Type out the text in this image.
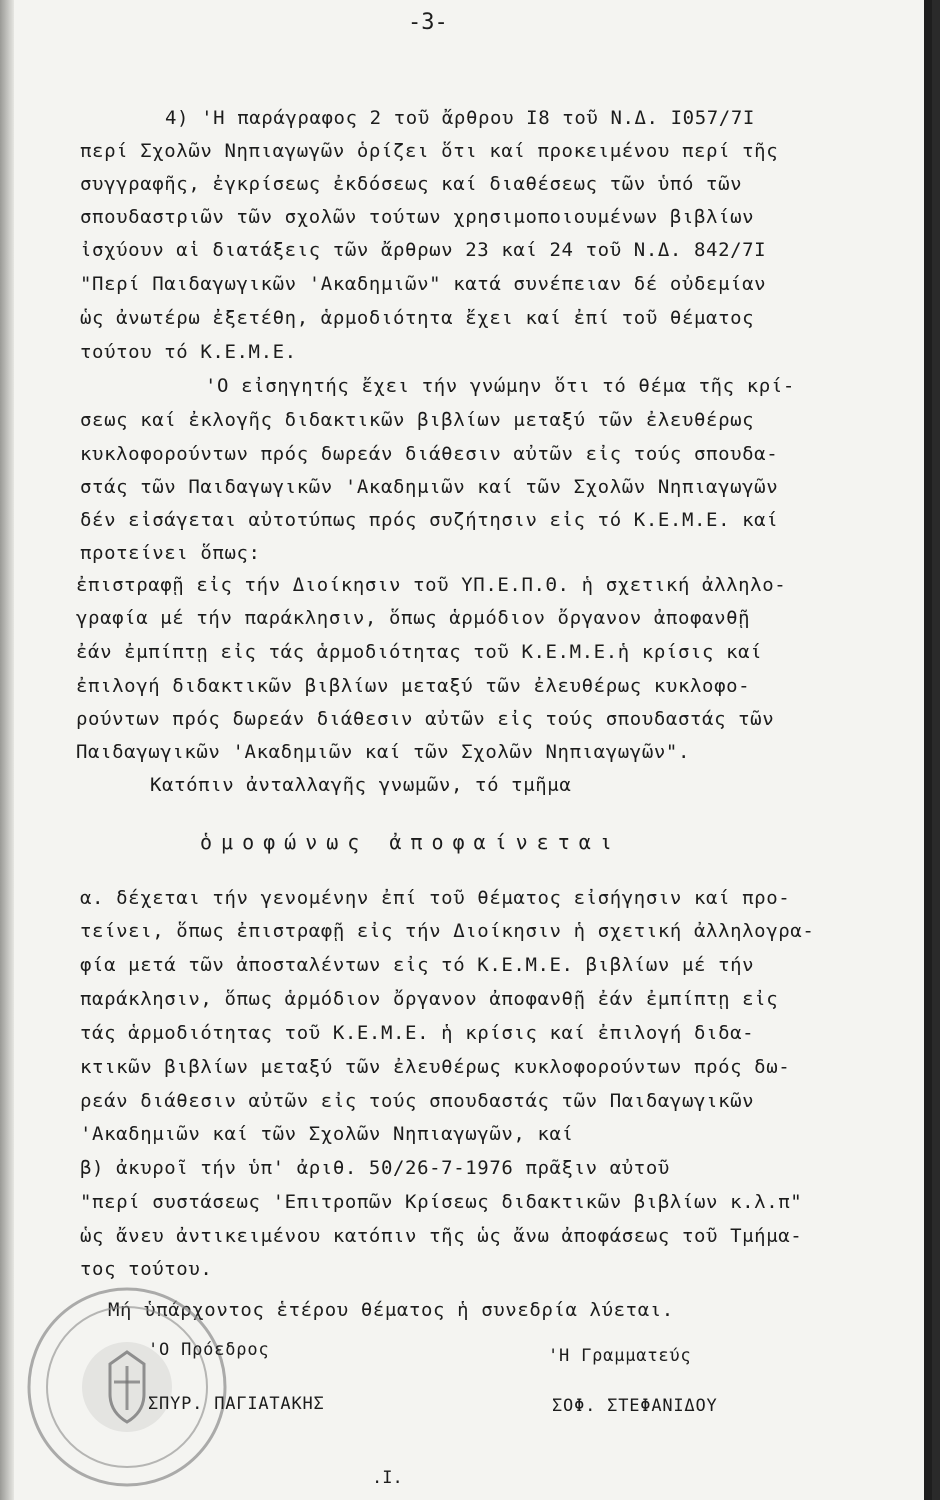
-3-
4) 'Η παράγραφος 2 τοῦ ἄρθρου Ι8 τοῦ Ν.Δ. Ι057/7Ι
περί Σχολῶν Νηπιαγωγῶν ὁρίζει ὅτι καί προκειμένου περί τῆς
συγγραφῆς, ἐγκρίσεως ἐκδόσεως καί διαθέσεως τῶν ὑπό τῶν
σπουδαστριῶν τῶν σχολῶν τούτων χρησιμοποιουμένων βιβλίων
ἰσχύουν αἱ διατάξεις τῶν ἄρθρων 23 καί 24 τοῦ Ν.Δ. 842/7Ι
"Περί Παιδαγωγικῶν 'Ακαδημιῶν" κατά συνέπειαν δέ οὐδεμίαν
ὡς ἀνωτέρω ἐξετέθη, ἁρμοδιότητα ἔχει καί ἐπί τοῦ θέματος
τούτου τό Κ.Ε.Μ.Ε.
'Ο εἰσηγητής ἔχει τήν γνώμην ὅτι τό θέμα τῆς κρί-
σεως καί ἐκλογῆς διδακτικῶν βιβλίων μεταξύ τῶν ἐλευθέρως
κυκλοφορούντων πρός δωρεάν διάθεσιν αὐτῶν εἰς τούς σπουδα-
στάς τῶν Παιδαγωγικῶν 'Ακαδημιῶν καί τῶν Σχολῶν Νηπιαγωγῶν
δέν εἰσάγεται αὐτοτύπως πρός συζήτησιν εἰς τό Κ.Ε.Μ.Ε. καί
προτείνει ὅπως:
ἐπιστραφῇ εἰς τήν Διοίκησιν τοῦ ΥΠ.Ε.Π.Θ. ἡ σχετική ἀλληλο-
γραφία μέ τήν παράκλησιν, ὅπως ἁρμόδιον ὄργανον ἀποφανθῇ
ἐάν ἐμπίπτῃ εἰς τάς ἁρμοδιότητας τοῦ Κ.Ε.Μ.Ε.ἡ κρίσις καί
ἐπιλογή διδακτικῶν βιβλίων μεταξύ τῶν ἐλευθέρως κυκλοφο-
ρούντων πρός δωρεάν διάθεσιν αὐτῶν εἰς τούς σπουδαστάς τῶν
Παιδαγωγικῶν 'Ακαδημιῶν καί τῶν Σχολῶν Νηπιαγωγῶν".
Κατόπιν ἀνταλλαγῆς γνωμῶν, τό τμῆμα
ὁμοφώνως ἀποφαίνεται
α. δέχεται τήν γενομένην ἐπί τοῦ θέματος εἰσήγησιν καί προ-
τείνει, ὅπως ἐπιστραφῇ εἰς τήν Διοίκησιν ἡ σχετική ἀλληλογρα-
φία μετά τῶν ἀποσταλέντων εἰς τό Κ.Ε.Μ.Ε. βιβλίων μέ τήν
παράκλησιν, ὅπως ἁρμόδιον ὄργανον ἀποφανθῇ ἐάν ἐμπίπτῃ εἰς
τάς ἁρμοδιότητας τοῦ Κ.Ε.Μ.Ε. ἡ κρίσις καί ἐπιλογή διδα-
κτικῶν βιβλίων μεταξύ τῶν ἐλευθέρως κυκλοφορούντων πρός δω-
ρεάν διάθεσιν αὐτῶν εἰς τούς σπουδαστάς τῶν Παιδαγωγικῶν
'Ακαδημιῶν καί τῶν Σχολῶν Νηπιαγωγῶν, καί
β) ἀκυροῖ τήν ὑπ' ἀριθ. 50/26-7-1976 πρᾶξιν αὐτοῦ
"περί συστάσεως 'Επιτροπῶν Κρίσεως διδακτικῶν βιβλίων κ.λ.π"
ὡς ἄνευ ἀντικειμένου κατόπιν τῆς ὡς ἄνω ἀποφάσεως τοῦ Τμήμα-
τος τούτου.
Μή ὑπάρχοντος ἑτέρου θέματος ἡ συνεδρία λύεται.
'Ο Πρόεδρος	'Η Γραμματεύς
ΣΠΥΡ. ΠΑΓΙΑΤΑΚΗΣ	ΣΟΦ. ΣΤΕΦΑΝΙΔΟΥ
.I.
